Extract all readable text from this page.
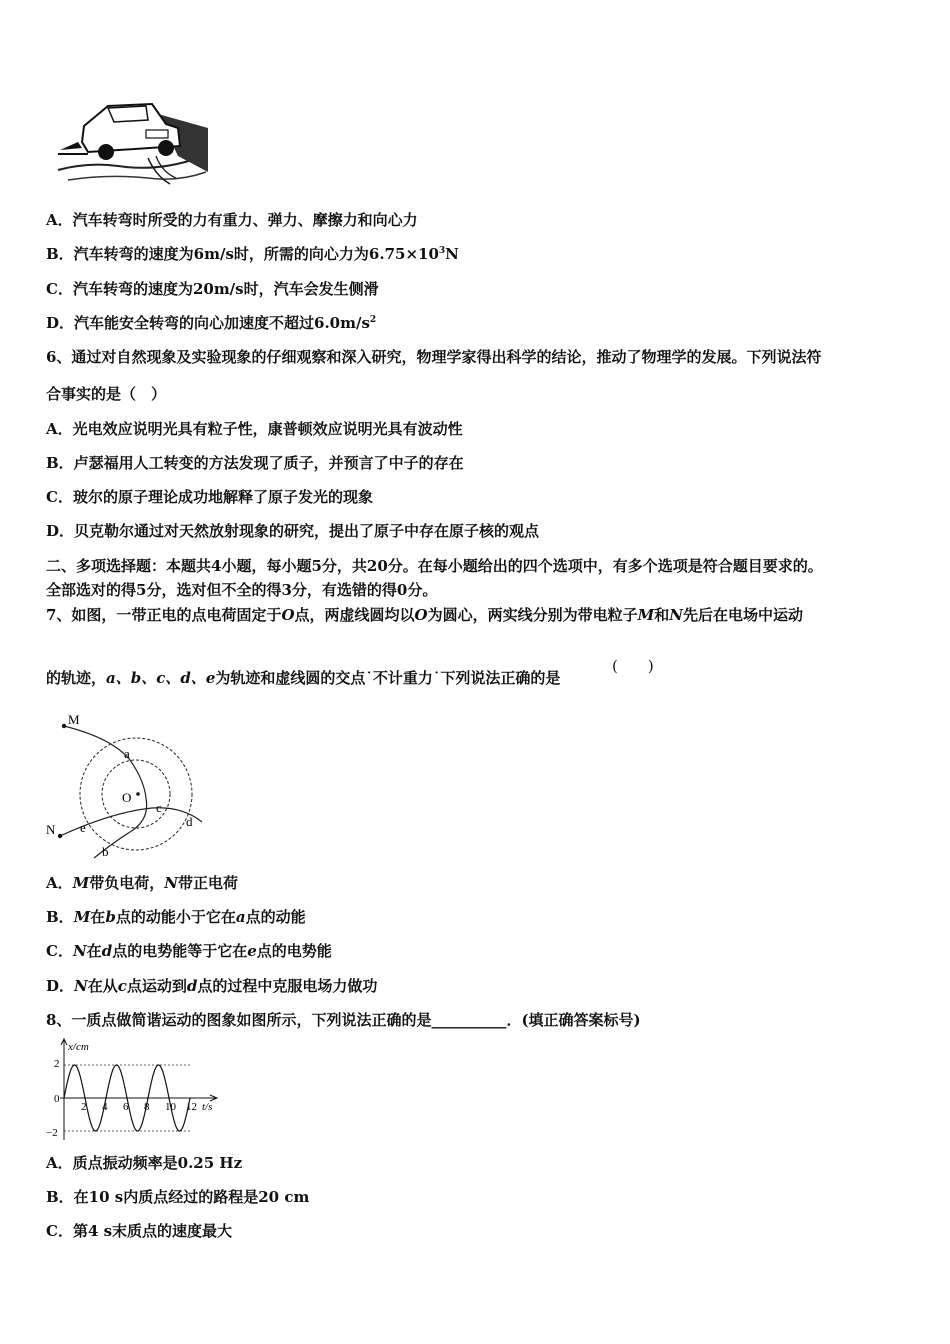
A．汽车转弯时所受的力有重力、弹力、摩擦力和向心力
B．汽车转弯的速度为6m/s时，所需的向心力为$6.75\times 10^3N$
C．汽车转弯的速度为20m/s时，汽车会发生侧滑
D．汽车能安全转弯的向心加速度不超过$6.0m/s^2$
6、通过对自然现象及实验现象的仔细观察和深入研究，物理学家得出科学的结论，推动了物理学的发展。下列说法符
合事实的是（　）
A．光电效应说明光具有粒子性，康普顿效应说明光具有波动性
B．卢瑟福用人工转变的方法发现了质子，并预言了中子的存在
C．玻尔的原子理论成功地解释了原子发光的现象
D．贝克勒尔通过对天然放射现象的研究，提出了原子中存在原子核的观点
二、多项选择题：本题共4小题，每小题5分，共20分。在每小题给出的四个选项中，有多个选项是符合题目要求的。
全部选对的得5分，选对但不全的得3分，有选错的得0分。
7、如图，一带正电的点电荷固定于O点，两虚线圆均以O为圆心，两实线分别为带电粒子M和N先后在电场中运动
的轨迹，a、b、c、d、e为轨迹和虚线圆的交点˙不计重力˙下列说法正确的是
(　　)
M
N
O
a
b
c
d
e
A．M带负电荷，N带正电荷
B．M在b点的动能小于它在a点的动能
C．N在d点的电势能等于它在e点的电势能
D．N在从c点运动到d点的过程中克服电场力做功
8、一质点做简谐运动的图象如图所示，下列说法正确的是__________．(填正确答案标号)
x/cm
t/s
2
0
−2
2 4 6 8 10 12
A．质点振动频率是0.25 Hz
B．在10 s内质点经过的路程是20 cm
C．第4 s末质点的速度最大
